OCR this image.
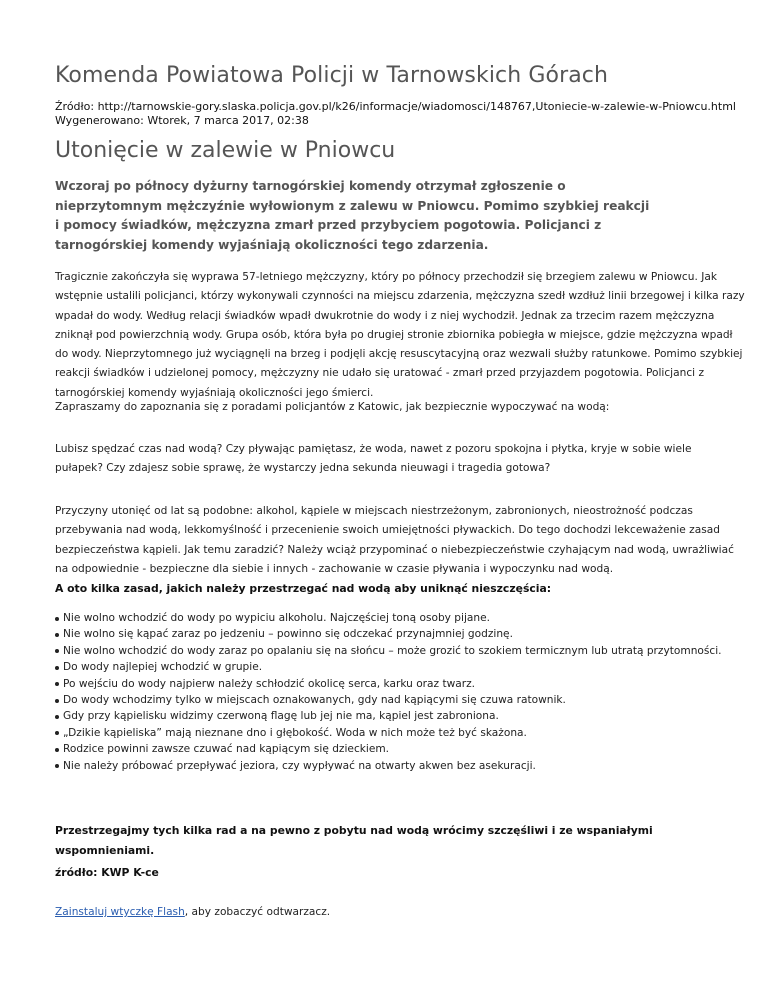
Komenda Powiatowa Policji w Tarnowskich Górach
Źródło: http://tarnowskie-gory.slaska.policja.gov.pl/k26/informacje/wiadomosci/148767,Utoniecie-w-zalewie-w-Pniowcu.html
Wygenerowano: Wtorek, 7 marca 2017, 02:38
Utonięcie w zalewie w Pniowcu

Wczoraj po północy dyżurny tarnogórskiej komendy otrzymał zgłoszenie o nieprzytomnym mężczyźnie wyłowionym z zalewu w Pniowcu. Pomimo szybkiej reakcji i pomocy świadków, mężczyzna zmarł przed przybyciem pogotowia. Policjanci z tarnogórskiej komendy wyjaśniają okoliczności tego zdarzenia.

Tragicznie zakończyła się wyprawa 57-letniego mężczyzny, który po północy przechodził się brzegiem zalewu w Pniowcu. Jak wstępnie ustalili policjanci, którzy wykonywali czynności na miejscu zdarzenia, mężczyzna szedł wzdłuż linii brzegowej i kilka razy wpadał do wody. Według relacji świadków wpadł dwukrotnie do wody i z niej wychodził. Jednak za trzecim razem mężczyzna zniknął pod powierzchnią wody. Grupa osób, która była po drugiej stronie zbiornika pobiegła w miejsce, gdzie mężczyzna wpadł do wody. Nieprzytomnego już wyciągnęli na brzeg i podjęli akcję resuscytacyjną oraz wezwali służby ratunkowe. Pomimo szybkiej reakcji świadków i udzielonej pomocy, mężczyzny nie udało się uratować - zmarł przed przyjazdem pogotowia. Policjanci z tarnogórskiej komendy wyjaśniają okoliczności jego śmierci.

Zapraszamy do zapoznania się z poradami policjantów z Katowic, jak bezpiecznie wypoczywać na wodą:

Lubisz spędzać czas nad wodą? Czy pływając pamiętasz, że woda, nawet z pozoru spokojna i płytka, kryje w sobie wiele pułapek? Czy zdajesz sobie sprawę, że wystarczy jedna sekunda nieuwagi i tragedia gotowa?

Przyczyny utonięć od lat są podobne: alkohol, kąpiele w miejscach niestrzeżonym, zabronionych, nieostrożność podczas przebywania nad wodą, lekkomyślność i przecenienie swoich umiejętności pływackich. Do tego dochodzi lekceważenie zasad bezpieczeństwa kąpieli. Jak temu zaradzić? Należy wciąż przypominać o niebezpieczeństwie czyhającym nad wodą, uwrażliwiać na odpowiednie - bezpieczne dla siebie i innych - zachowanie w czasie pływania i wypoczynku nad wodą.

A oto kilka zasad, jakich należy przestrzegać nad wodą aby uniknąć nieszczęścia:

Nie wolno wchodzić do wody po wypiciu alkoholu. Najczęściej toną osoby pijane.
Nie wolno się kąpać zaraz po jedzeniu – powinno się odczekać przynajmniej godzinę.
Nie wolno wchodzić do wody zaraz po opalaniu się na słońcu – może grozić to szokiem termicznym lub utratą przytomności.
Do wody najlepiej wchodzić w grupie.
Po wejściu do wody najpierw należy schłodzić okolicę serca, karku oraz twarz.
Do wody wchodzimy tylko w miejscach oznakowanych, gdy nad kąpiącymi się czuwa ratownik.
Gdy przy kąpielisku widzimy czerwoną flagę lub jej nie ma, kąpiel jest zabroniona.
„Dzikie kąpieliska” mają nieznane dno i głębokość. Woda w nich może też być skażona.
Rodzice powinni zawsze czuwać nad kąpiącym się dzieckiem.
Nie należy próbować przepływać jeziora, czy wypływać na otwarty akwen bez asekuracji.

Przestrzegajmy tych kilka rad a na pewno z pobytu nad wodą wrócimy szczęśliwi i ze wspaniałymi wspomnieniami.

źródło: KWP K-ce

Zainstaluj wtyczkę Flash, aby zobaczyć odtwarzacz.
